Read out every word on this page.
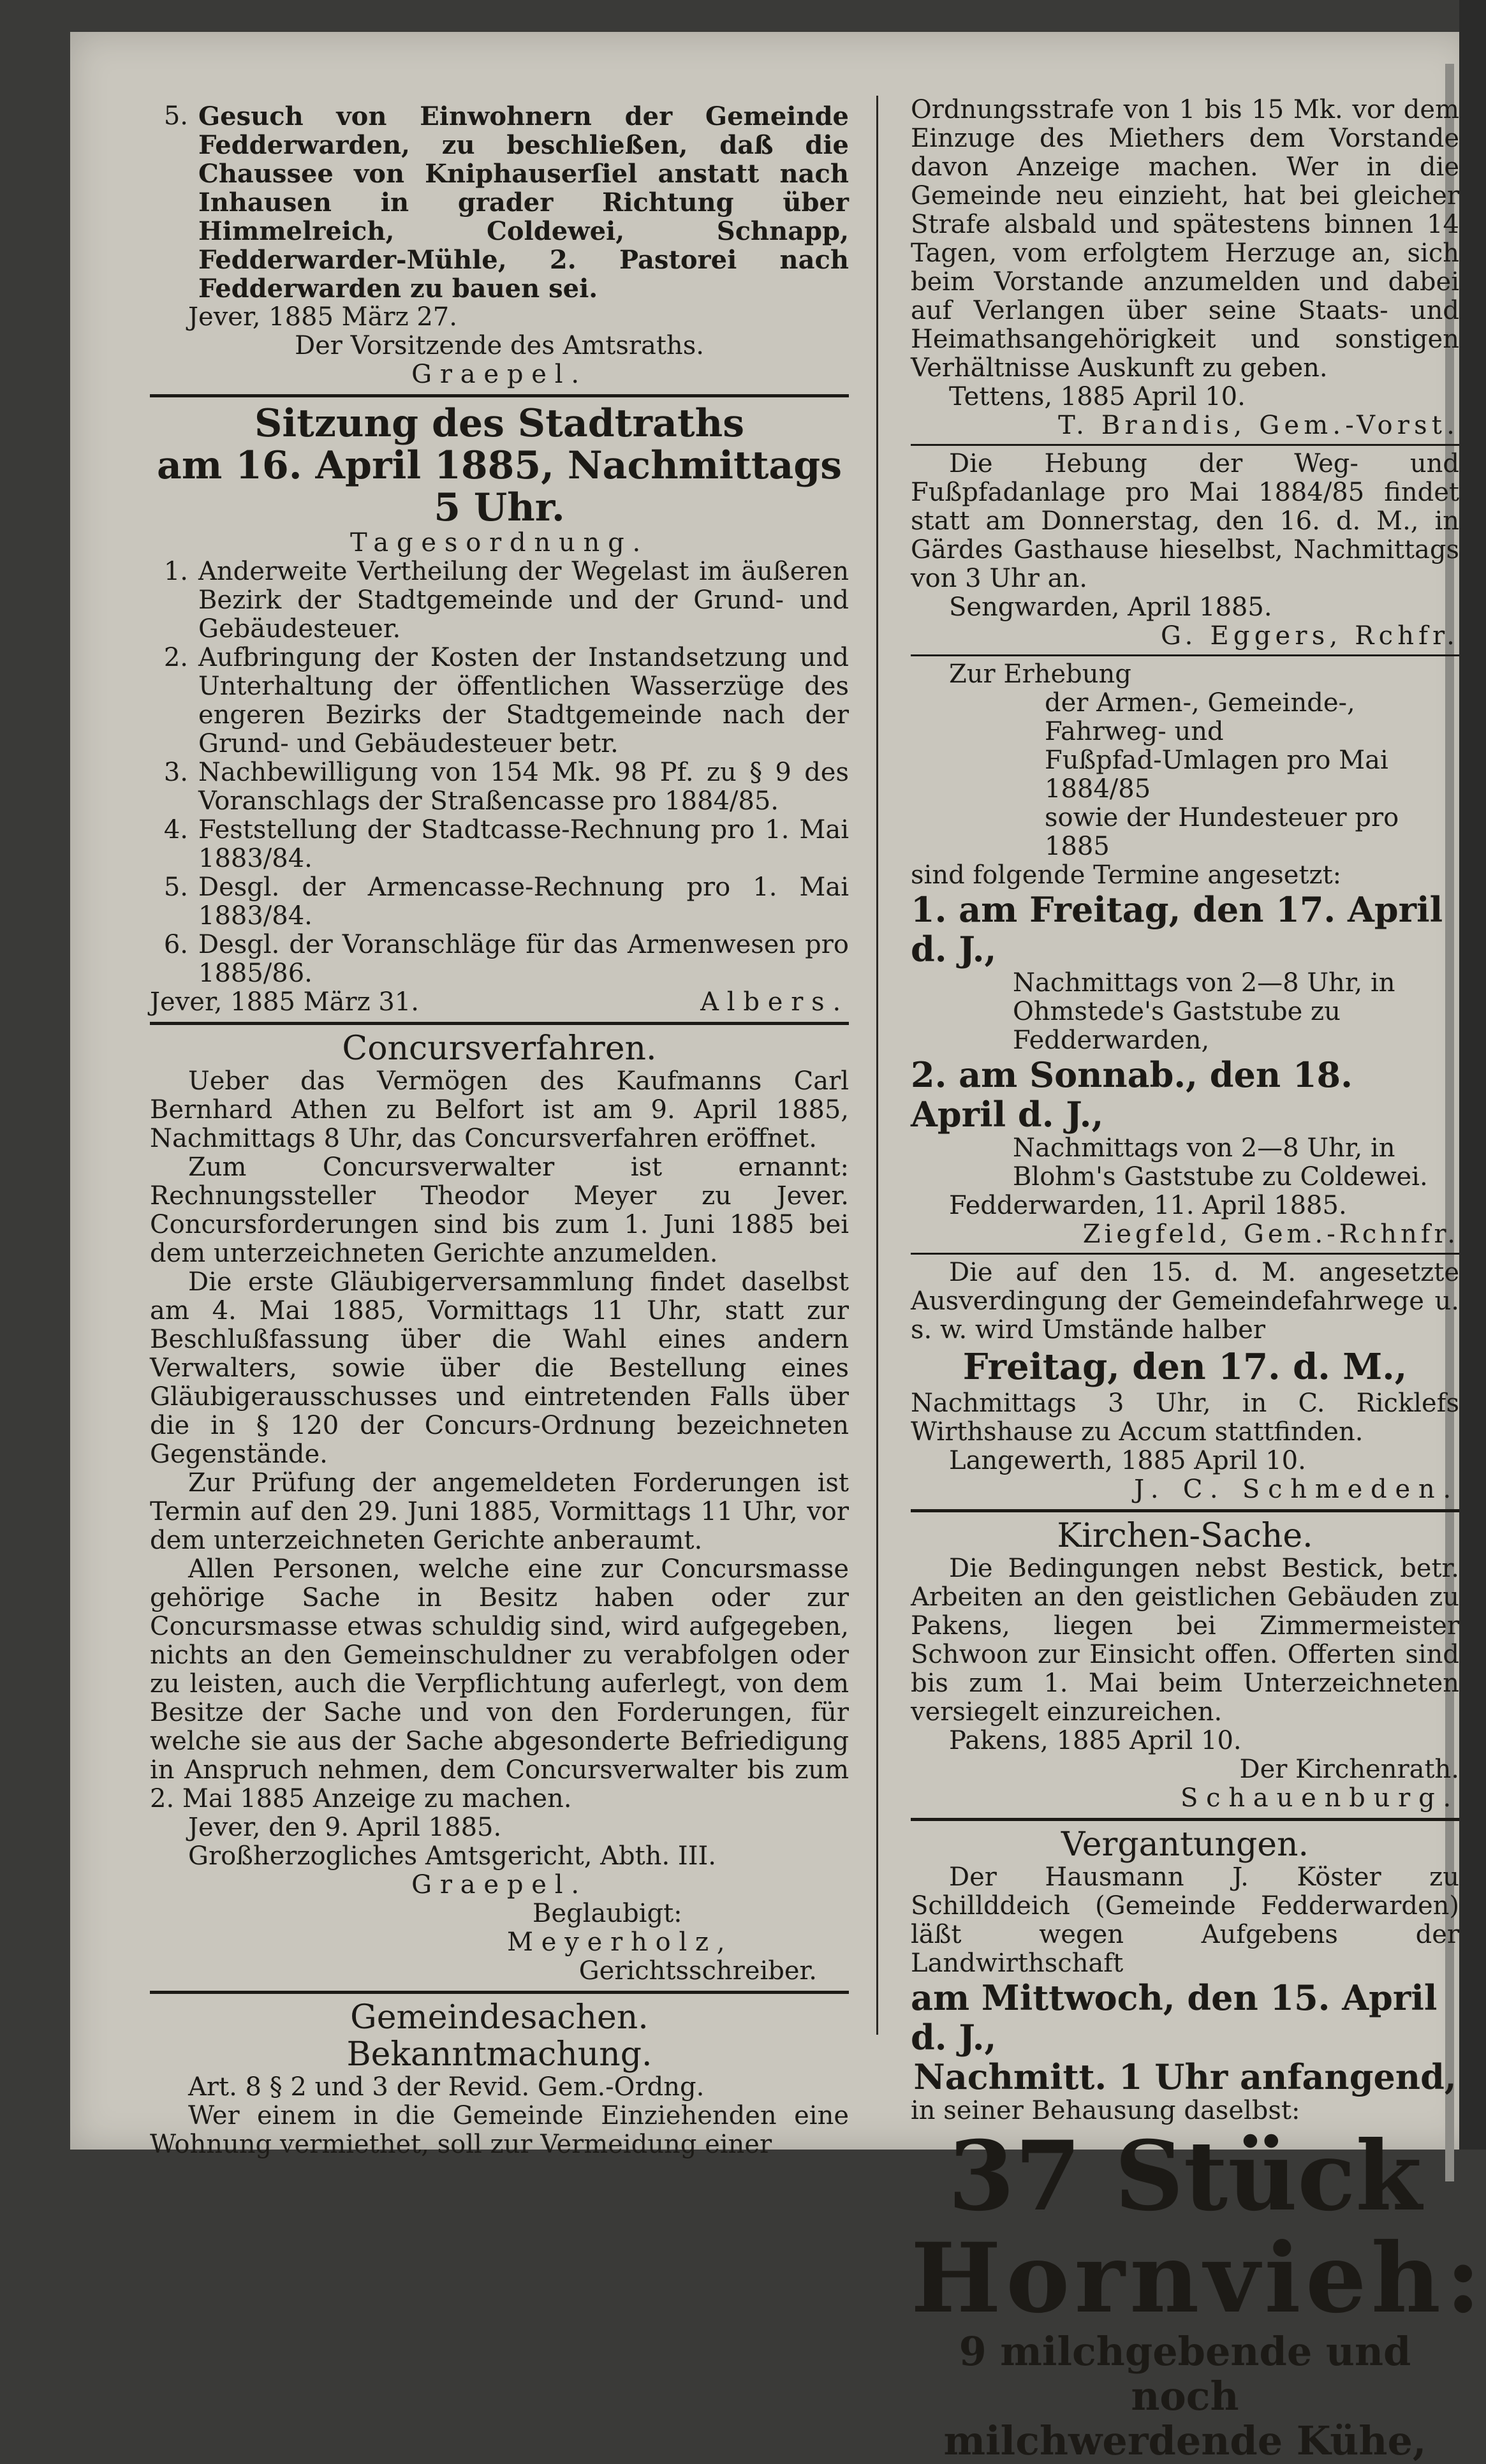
5. Gesuch von Einwohnern der Gemeinde Fedderwarden, zu beschließen, daß die Chaussee von Kniphauserſiel anstatt nach Inhausen in grader Richtung über Himmelreich, Coldewei, Schnapp, Fedderwarder-Mühle, 2. Pastorei nach Fedderwarden zu bauen sei.

Jever, 1885 März 27.

Der Vorsitzende des Amtsraths.

Graepel.

Sitzung des Stadtraths
am 16. April 1885, Nachmittags 5 Uhr.

Tagesordnung.

1. Anderweite Vertheilung der Wegelast im äußeren Bezirk der Stadtgemeinde und der Grund- und Gebäudesteuer.
2. Aufbringung der Kosten der Instandsetzung und Unterhaltung der öffentlichen Wasserzüge des engeren Bezirks der Stadtgemeinde nach der Grund- und Gebäudesteuer betr.
3. Nachbewilligung von 154 Mk. 98 Pf. zu § 9 des Voranschlags der Straßencasse pro 1884/85.
4. Feststellung der Stadtcasse-Rechnung pro 1. Mai 1883/84.
5. Desgl. der Armencasse-Rechnung pro 1. Mai 1883/84.
6. Desgl. der Voranschläge für das Armenwesen pro 1885/86.
Jever, 1885 März 31.	Albers.
Concursverfahren.

Ueber das Vermögen des Kaufmanns Carl Bernhard Athen zu Belfort ist am 9. April 1885, Nachmittags 8 Uhr, das Concursverfahren eröffnet.

Zum Concursverwalter ist ernannt: Rechnungssteller Theodor Meyer zu Jever. Concursforderungen sind bis zum 1. Juni 1885 bei dem unterzeichneten Gerichte anzumelden.

Die erste Gläubigerversammlung findet daselbst am 4. Mai 1885, Vormittags 11 Uhr, statt zur Beschlußfassung über die Wahl eines andern Verwalters, sowie über die Bestellung eines Gläubigerausschusses und eintretenden Falls über die in § 120 der Concurs-Ordnung bezeichneten Gegenstände.

Zur Prüfung der angemeldeten Forderungen ist Termin auf den 29. Juni 1885, Vormittags 11 Uhr, vor dem unterzeichneten Gerichte anberaumt.

Allen Personen, welche eine zur Concursmasse gehörige Sache in Besitz haben oder zur Concursmasse etwas schuldig sind, wird aufgegeben, nichts an den Gemeinschuldner zu verabfolgen oder zu leisten, auch die Verpflichtung auferlegt, von dem Besitze der Sache und von den Forderungen, für welche sie aus der Sache abgesonderte Befriedigung in Anspruch nehmen, dem Concursverwalter bis zum 2. Mai 1885 Anzeige zu machen.

Jever, den 9. April 1885.

Großherzogliches Amtsgericht, Abth. III.

Graepel.

Beglaubigt:

Meyerholz,

Gerichtsschreiber.

Gemeindesachen.
Bekanntmachung.

Art. 8 § 2 und 3 der Revid. Gem.-Ordng.

Wer einem in die Gemeinde Einziehenden eine Wohnung vermiethet, soll zur Vermeidung einer

Ordnungsstrafe von 1 bis 15 Mk. vor dem Einzuge des Miethers dem Vorstande davon Anzeige machen. Wer in die Gemeinde neu einzieht, hat bei gleicher Strafe alsbald und spätestens binnen 14 Tagen, vom erfolgtem Herzuge an, sich beim Vorstande anzumelden und dabei auf Verlangen über seine Staats- und Heimathsangehörigkeit und sonstigen Verhältnisse Auskunft zu geben.

Tettens, 1885 April 10.

T. Brandis, Gem.-Vorst.

Die Hebung der Weg- und Fußpfadanlage pro Mai 1884/85 findet statt am Donnerstag, den 16. d. M., in Gärdes Gasthause hieselbst, Nachmittags von 3 Uhr an.

Sengwarden, April 1885.

G. Eggers, Rchfr.

Zur Erhebung

der Armen-, Gemeinde-, Fahrweg- und

Fußpfad-Umlagen pro Mai 1884/85

sowie der Hundesteuer pro 1885

sind folgende Termine angesetzt:

1. am Freitag, den 17. April d. J.,

Nachmittags von 2—8 Uhr, in Ohmstede's Gaststube zu Fedderwarden,

2. am Sonnab., den 18. April d. J.,

Nachmittags von 2—8 Uhr, in Blohm's Gaststube zu Coldewei.

Fedderwarden, 11. April 1885.

Ziegfeld, Gem.-Rchnfr.

Die auf den 15. d. M. angesetzte Ausverdingung der Gemeindefahrwege u. s. w. wird Umstände halber

Freitag, den 17. d. M.,

Nachmittags 3 Uhr, in C. Ricklefs Wirthshause zu Accum stattfinden.

Langewerth, 1885 April 10.

J. C. Schmeden.

Kirchen-Sache.

Die Bedingungen nebst Bestick, betr. Arbeiten an den geistlichen Gebäuden zu Pakens, liegen bei Zimmermeister Schwoon zur Einsicht offen. Offerten sind bis zum 1. Mai beim Unterzeichneten versiegelt einzureichen.

Pakens, 1885 April 10.

Der Kirchenrath.

Schauenburg.

Vergantungen.

Der Hausmann J. Köster zu Schillddeich (Gemeinde Fedderwarden) läßt wegen Aufgebens der Landwirthschaft

am Mittwoch, den 15. April d. J.,

Nachmitt. 1 Uhr anfangend,

in seiner Behausung daselbst:

37 Stück
Hornvieh:

9 milchgebende und noch

milchwerdende Kühe,
